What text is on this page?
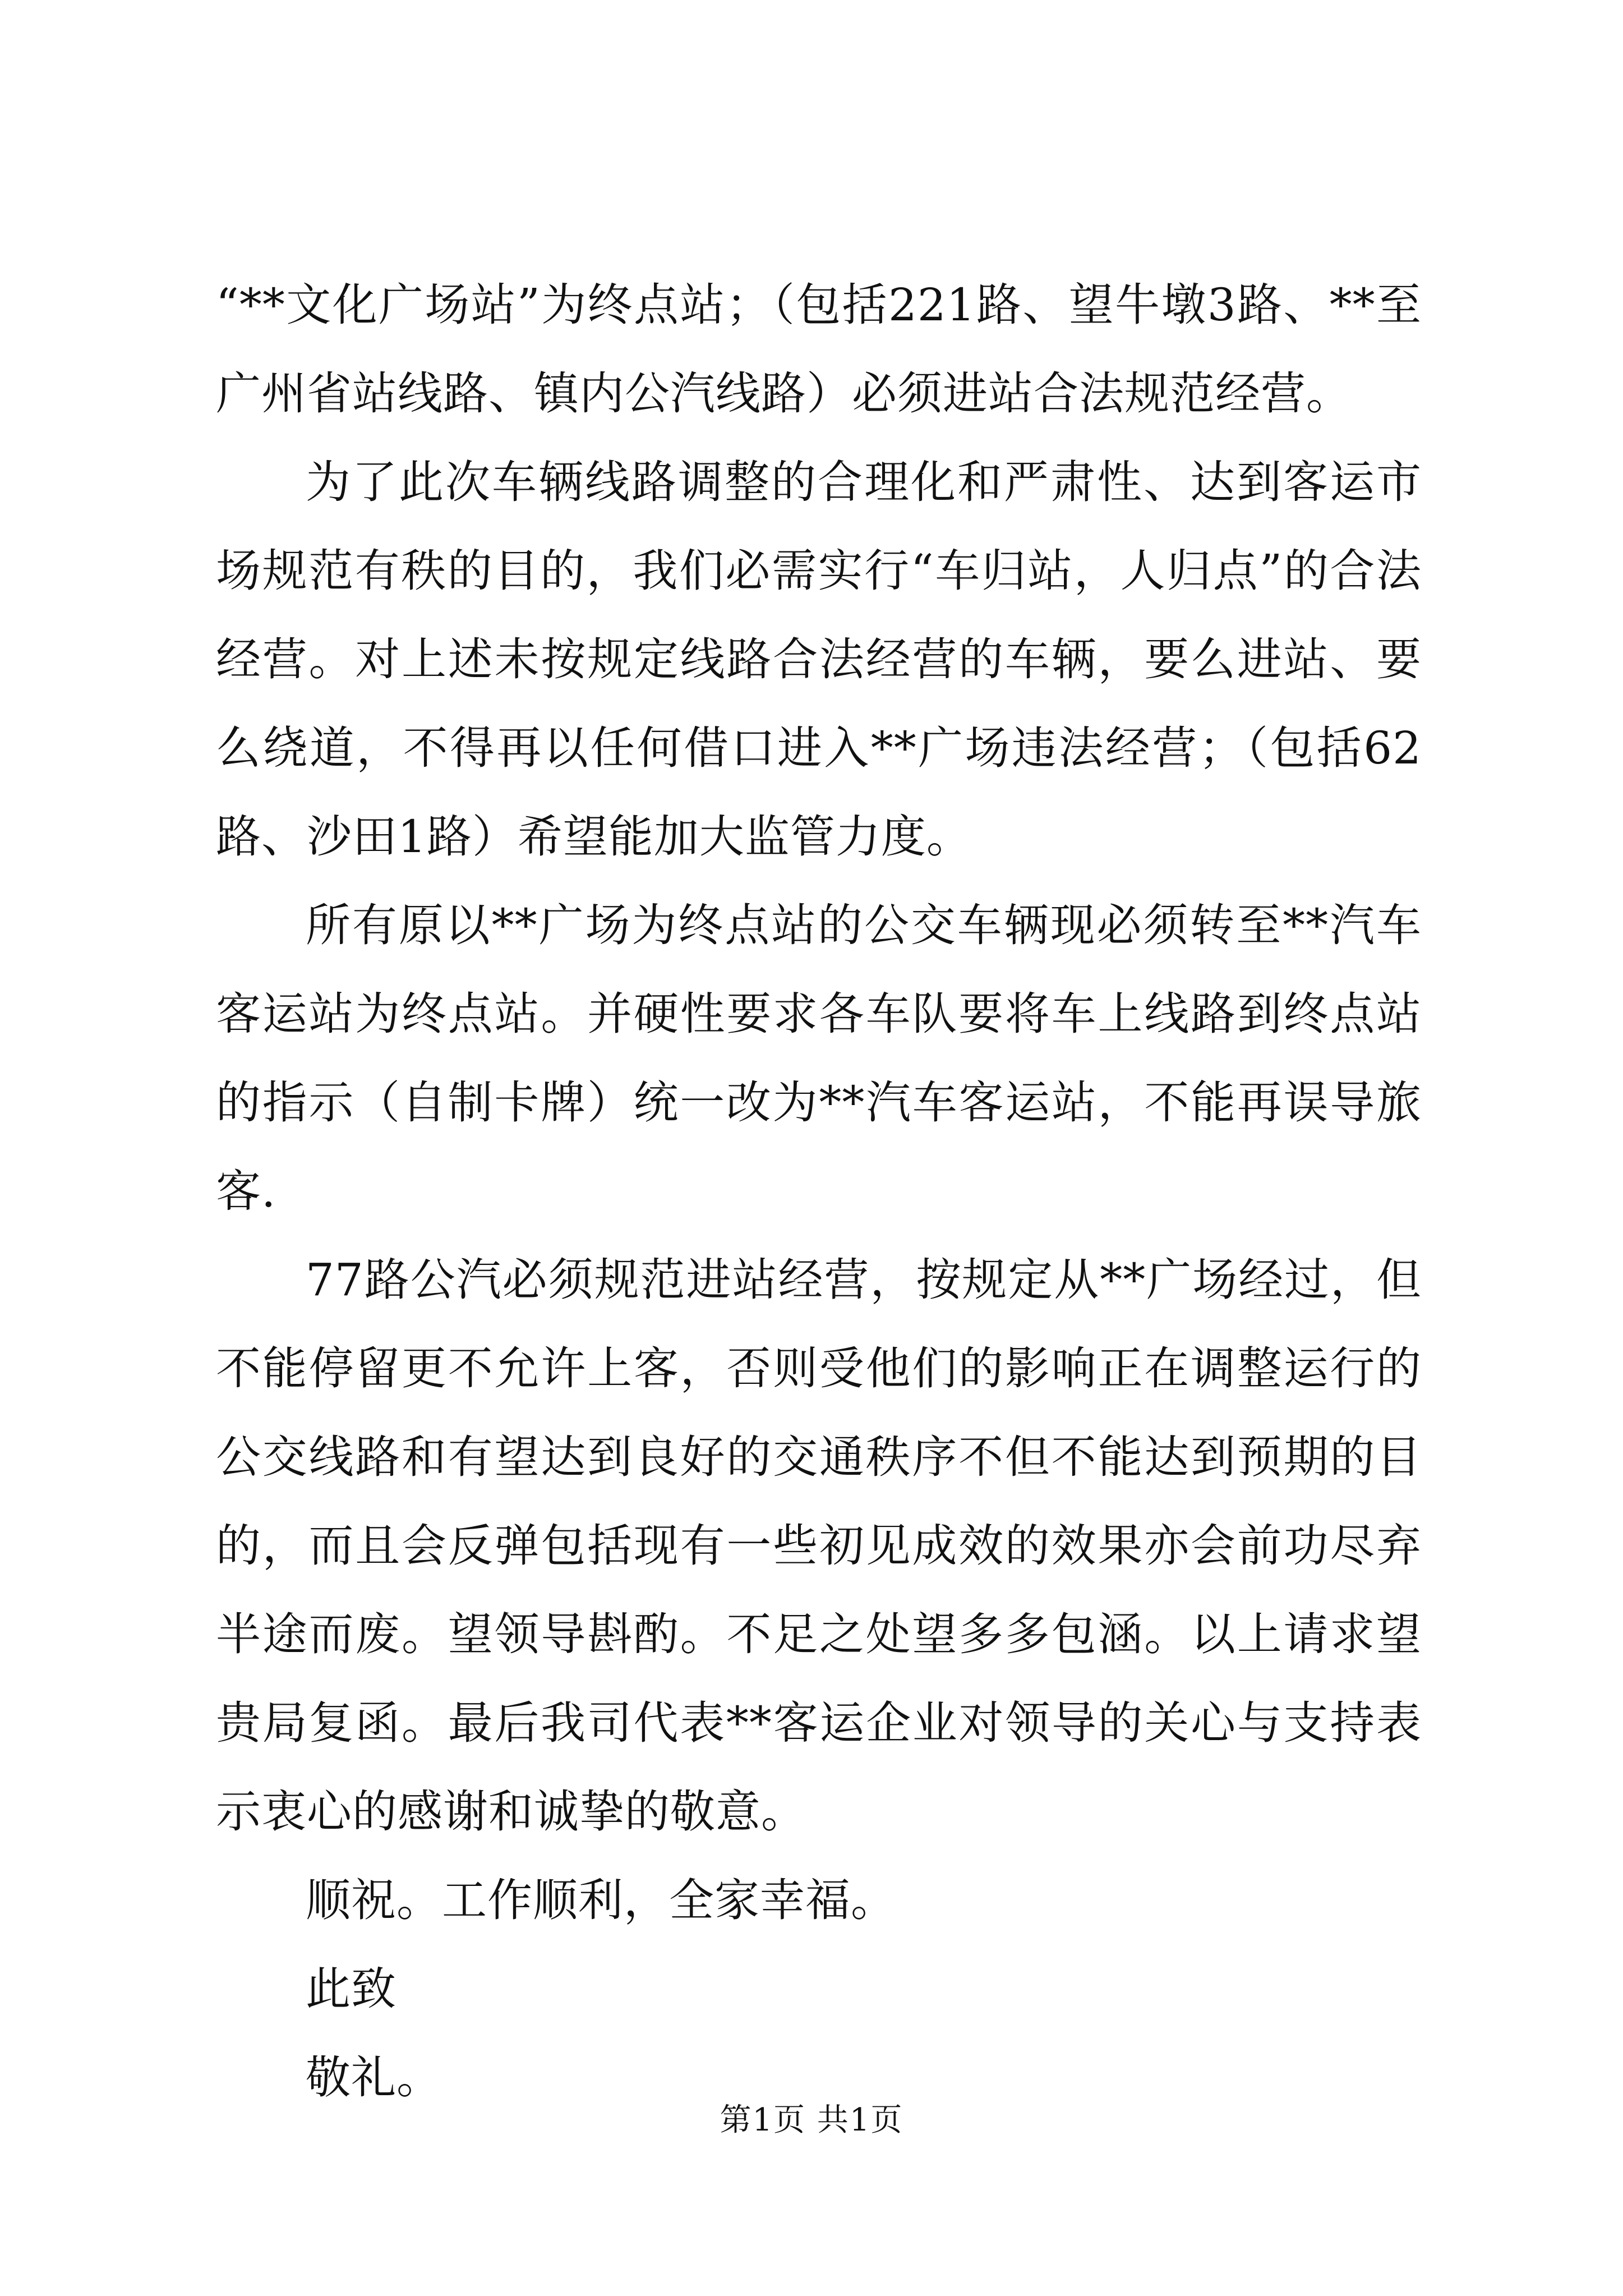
“**文化广场站”为终点站；（包括221路、望牛墩3路、**至广州省站线路、镇内公汽线路）必须进站合法规范经营。

为了此次车辆线路调整的合理化和严肃性、达到客运市场规范有秩的目的，我们必需实行“车归站，人归点”的合法经营。对上述未按规定线路合法经营的车辆，要么进站、要么绕道，不得再以任何借口进入**广场违法经营；（包括62路、沙田1路）希望能加大监管力度。

所有原以**广场为终点站的公交车辆现必须转至**汽车客运站为终点站。并硬性要求各车队要将车上线路到终点站的指示（自制卡牌）统一改为**汽车客运站，不能再误导旅客.

77路公汽必须规范进站经营，按规定从**广场经过，但不能停留更不允许上客，否则受他们的影响正在调整运行的公交线路和有望达到良好的交通秩序不但不能达到预期的目的，而且会反弹包括现有一些初见成效的效果亦会前功尽弃半途而废。望领导斟酌。不足之处望多多包涵。以上请求望贵局复函。最后我司代表**客运企业对领导的关心与支持表示衷心的感谢和诚挚的敬意。

顺祝。工作顺利，全家幸福。

此致

敬礼。

第1页 共1页
